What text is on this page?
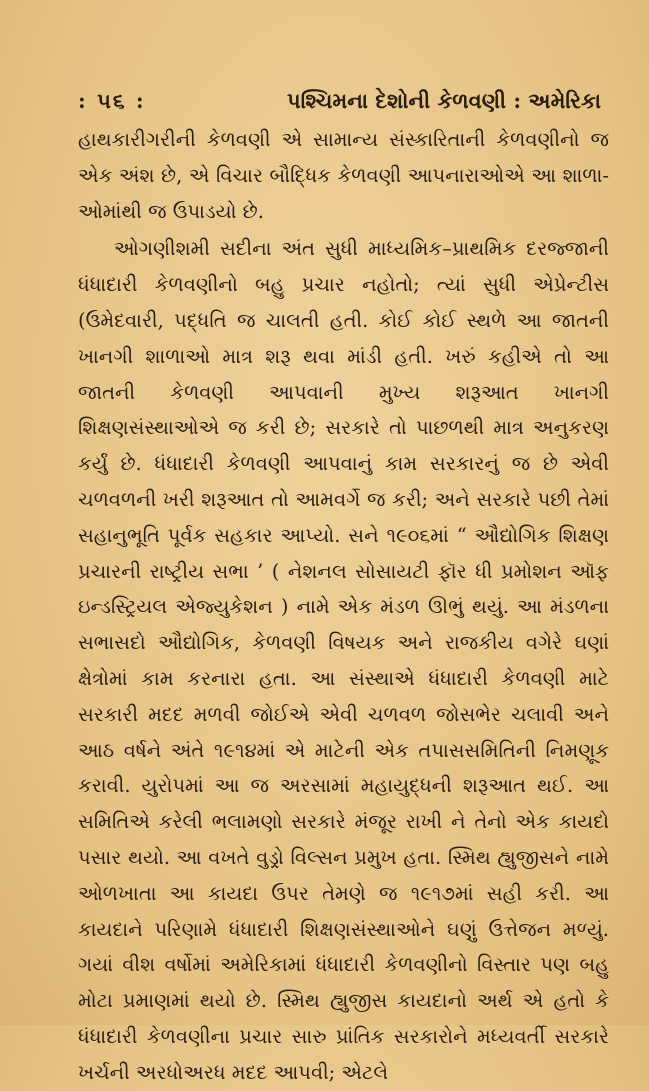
: ૫૬ :	પશ્ચિમના દેશોની કેળવણી : અમેરિકા

હાથકારીગરીની કેળવણી એ સામાન્ય સંસ્કારિતાની કેળવણીનો જ એક અંશ છે, એ વિચાર બૌદ્ધિક કેળવણી આપનારાઓએ આ શાળા-ઓમાંથી જ ઉપાડયો છે.

ઓગણીશમી સદીના અંત સુધી માધ્યમિક–પ્રાથમિક દરજ્જાની ધંધાદારી કેળવણીનો બહુ પ્રચાર નહોતો; ત્યાં સુધી એપ્રેન્ટીસ (ઉમેદવારી, પદ્ધતિ જ ચાલતી હતી. કોઈ કોઈ સ્થળે આ જાતની ખાનગી શાળાઓ માત્ર શરૂ થવા માંડી હતી. ખરું કહીએ તો આ જાતની કેળવણી આપવાની મુખ્ય શરૂઆત ખાનગી શિક્ષણસંસ્થાઓએ જ કરી છે; સરકારે તો પાછળથી માત્ર અનુકરણ કર્યું છે. ધંધાદારી કેળવણી આપવાનું કામ સરકારનું જ છે એવી ચળવળની ખરી શરૂઆત તો આમવર્ગે જ કરી; અને સરકારે પછી તેમાં સહાનુભૂતિ પૂર્વક સહકાર આપ્યો. સને ૧૯૦૬માં “ ઔદ્યોગિક શિક્ષણ પ્રચારની રાષ્ટ્રીય સભા ’ ( નેશનલ સોસાયટી ફૉર ધી પ્રમોશન ઑફ ઇન્ડસ્ટ્રિયલ એજ્યુકેશન ) નામે એક મંડળ ઊભું થયું. આ મંડળના સભાસદો ઔદ્યોગિક, કેળવણી વિષયક અને રાજકીય વગેરે ઘણાં ક્ષેત્રોમાં કામ કરનારા હતા. આ સંસ્થાએ ધંધાદારી કેળવણી માટે સરકારી મદદ મળવી જોઈએ એવી ચળવળ જોસભેર ચલાવી અને આઠ વર્ષને અંતે ૧૯૧૪માં એ માટેની એક તપાસસમિતિની નિમણૂક કરાવી. યુરોપમાં આ જ અરસામાં મહાયુદ્ધની શરૂઆત થઈ. આ સમિતિએ કરેલી ભલામણો સરકારે મંજૂર રાખી ને તેનો એક કાયદો પસાર થયો. આ વખતે વુડ્રો વિલ્સન પ્રમુખ હતા. સ્મિથ હ્યુજીસને નામે ઓળખાતા આ કાયદા ઉપર તેમણે જ ૧૯૧૭માં સહી કરી. આ કાયદાને પરિણામે ધંધાદારી શિક્ષણસંસ્થાઓને ઘણું ઉત્તેજન મળ્યું. ગયાં વીશ વર્ષોમાં અમેરિકામાં ધંધાદારી કેળવણીનો વિસ્તાર પણ બહુ મોટા પ્રમાણમાં થયો છે. સ્મિથ હ્યુજીસ કાયદાનો અર્થ એ હતો કે ધંધાદારી કેળવણીના પ્રચાર સારુ પ્રાંતિક સરકારોને મધ્યવર્તી સરકારે ખર્ચની અરધોઅરધ મદદ આપવી; એટલે
